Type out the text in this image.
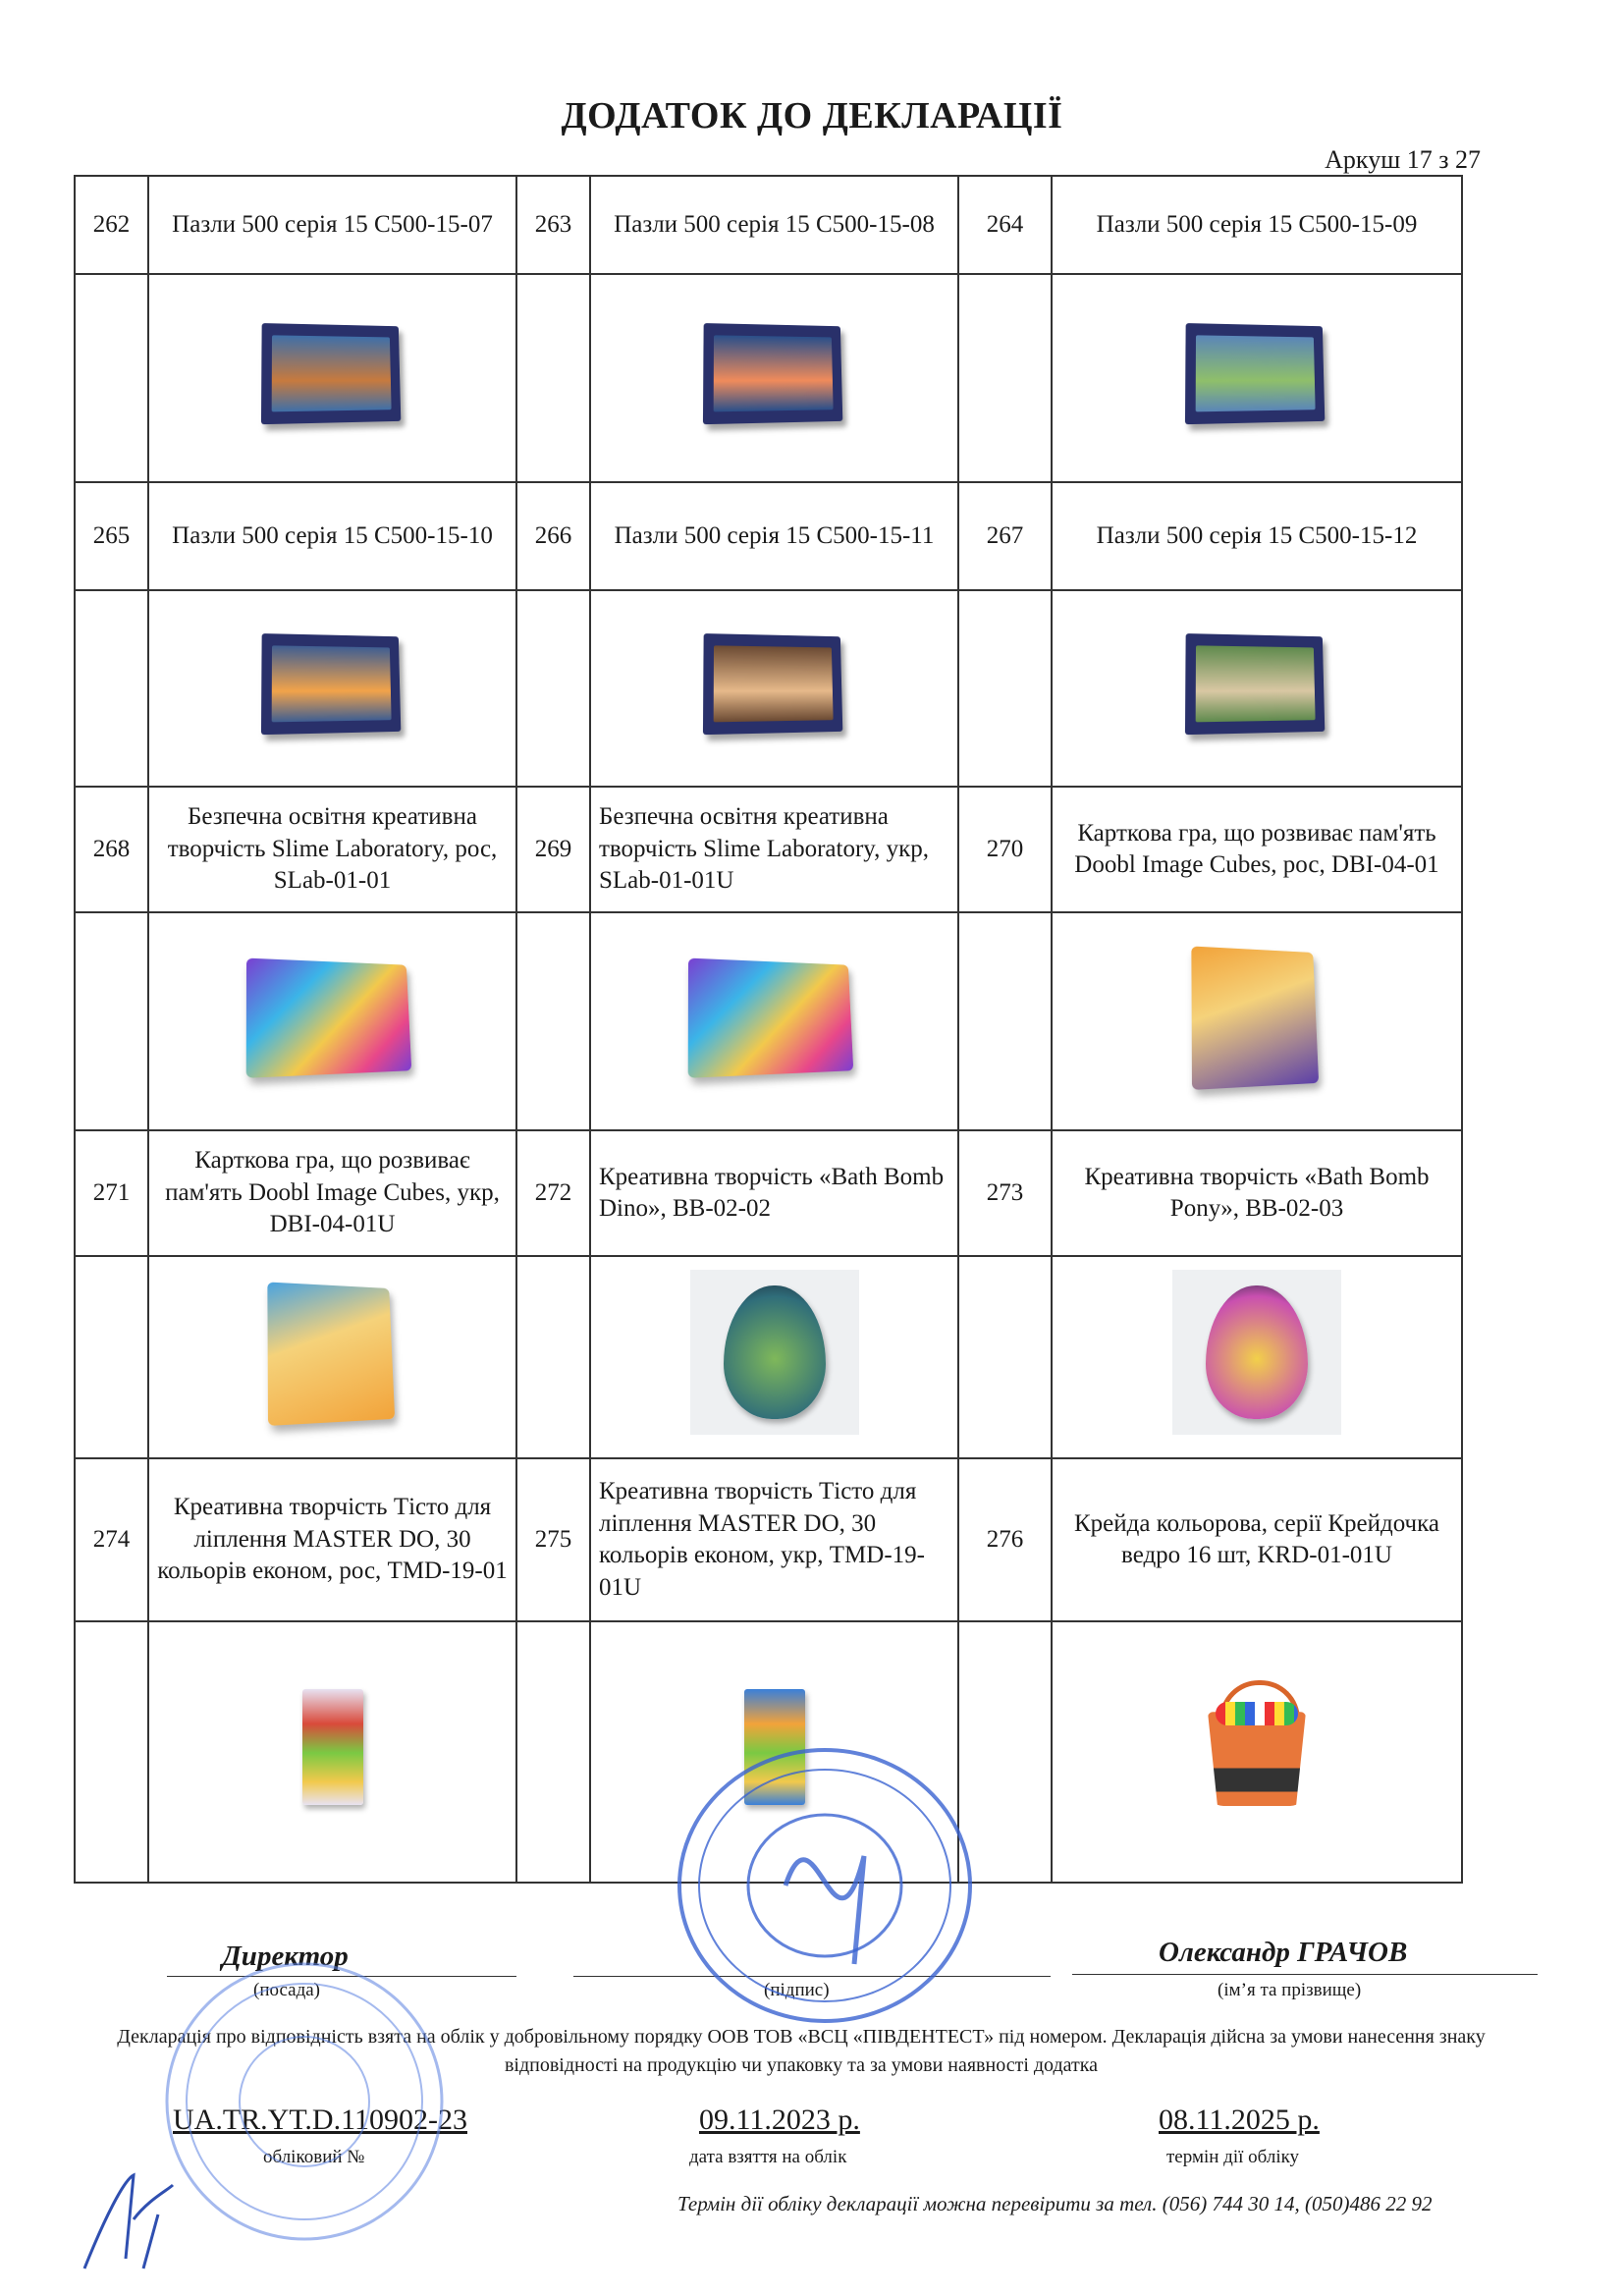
ДОДАТОК ДО ДЕКЛАРАЦІЇ
Аркуш 17 з 27
262	Пазли 500 серія 15 C500-15-07	263	Пазли 500 серія 15 C500-15-08	264	Пазли 500 серія 15 C500-15-09

265	Пазли 500 серія 15 C500-15-10	266	Пазли 500 серія 15 C500-15-11	267	Пазли 500 серія 15 C500-15-12

268	Безпечна освітня креативна творчість Slime Laboratory, рос, SLab-01-01	269	Безпечна освітня креативна творчість Slime Laboratory, укр, SLab-01-01U	270	Карткова гра, що розвиває пам'ять Doobl Image Cubes, рос, DBI-04-01

271	Карткова гра, що розвиває пам'ять Doobl Image Cubes, укр, DBI-04-01U	272	Креативна творчість «Bath Bomb Dino», BB-02-02	273	Креативна творчість «Bath Bomb Pony», BB-02-03

274	Креативна творчість Тісто для ліплення MASTER DO, 30 кольорів економ, рос, TMD-19-01	275	Креативна творчість Тісто для ліплення MASTER DO, 30 кольорів економ, укр, TMD-19-01U	276	Крейда кольорова, серії Крейдочка ведро 16 шт, KRD-01-01U

Директор
(посада)	(підпис)
Олександр ГРАЧОВ
(ім’я та прізвище)
Декларація про відповідність взята на облік у добровільному порядку ООВ ТОВ «ВСЦ «ПІВДЕНТЕСТ» під номером. Декларація дійсна за умови нанесення знаку відповідності на продукцію чи упаковку та за умови наявності додатка
UA.TR.YT.D.110902-23
обліковий №
09.11.2023 р.
дата взяття на облік
08.11.2025 р.
термін дії обліку
Термін дії обліку декларації можна перевірити за тел. (056) 744 30 14, (050)486 22 92
